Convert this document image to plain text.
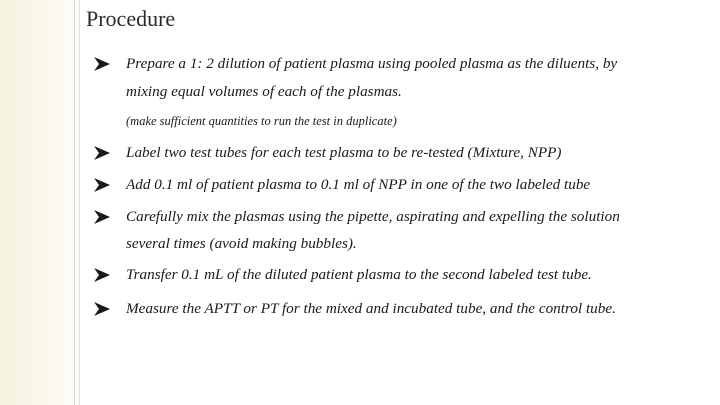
Procedure
Prepare a 1: 2 dilution of patient plasma using pooled plasma as the diluents, by
mixing equal volumes of each of the plasmas.
(make sufficient quantities to run the test in duplicate)
Label two test tubes for each test plasma to be re-tested (Mixture, NPP)
Add 0.1 ml of patient plasma to 0.1 ml of NPP in one of the two labeled tube
Carefully mix the plasmas using the pipette, aspirating and expelling the solution
several times (avoid making bubbles).
Transfer 0.1 mL of the diluted patient plasma to the second labeled test tube.
Measure the APTT or PT for the mixed and incubated tube, and the control tube.
